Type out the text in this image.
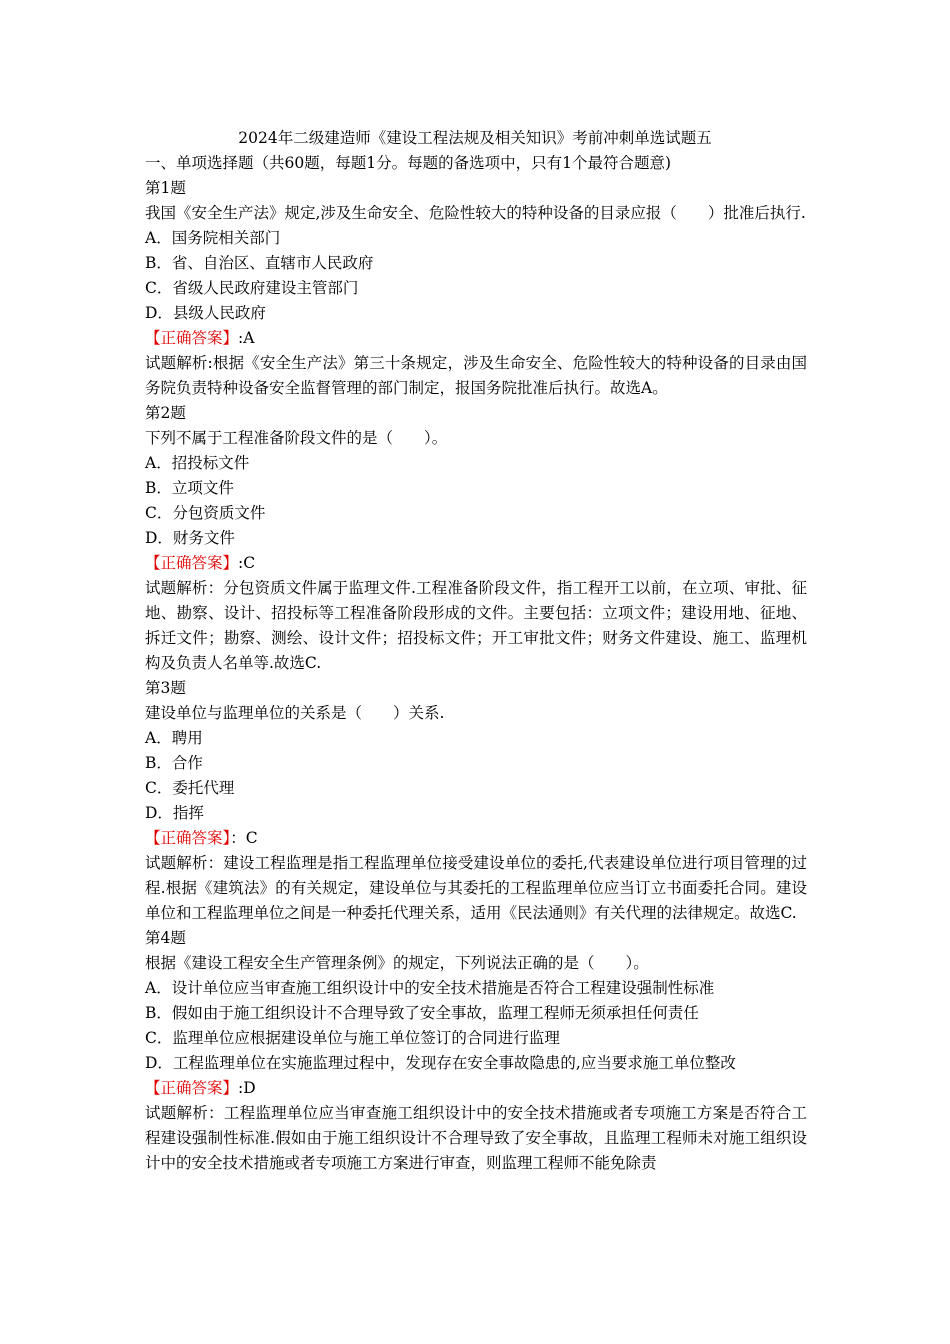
2024年二级建造师《建设工程法规及相关知识》考前冲刺单选试题五
一、单项选择题（共60题，每题1分。每题的备选项中，只有1个最符合题意)
第1题
我国《安全生产法》规定,涉及生命安全、危险性较大的特种设备的目录应报（　　）批准后执行.
A．国务院相关部门
B．省、自治区、直辖市人民政府
C．省级人民政府建设主管部门
D．县级人民政府
【正确答案】:A
试题解析:根据《安全生产法》第三十条规定，涉及生命安全、危险性较大的特种设备的目录由国务院负责特种设备安全监督管理的部门制定，报国务院批准后执行。故选A。
第2题
下列不属于工程准备阶段文件的是（　　）。
A．招投标文件
B．立项文件
C．分包资质文件
D．财务文件
【正确答案】:C
试题解析：分包资质文件属于监理文件.工程准备阶段文件，指工程开工以前，在立项、审批、征地、勘察、设计、招投标等工程准备阶段形成的文件。主要包括：立项文件；建设用地、征地、拆迁文件；勘察、测绘、设计文件；招投标文件；开工审批文件；财务文件建设、施工、监理机构及负责人名单等.故选C.
第3题
建设单位与监理单位的关系是（　　）关系.
A．聘用
B．合作
C．委托代理
D．指挥
【正确答案】：C
试题解析：建设工程监理是指工程监理单位接受建设单位的委托,代表建设单位进行项目管理的过程.根据《建筑法》的有关规定，建设单位与其委托的工程监理单位应当订立书面委托合同。建设单位和工程监理单位之间是一种委托代理关系，适用《民法通则》有关代理的法律规定。故选C.
第4题
根据《建设工程安全生产管理条例》的规定，下列说法正确的是（　　）。
A．设计单位应当审查施工组织设计中的安全技术措施是否符合工程建设强制性标准
B．假如由于施工组织设计不合理导致了安全事故，监理工程师无须承担任何责任
C．监理单位应根据建设单位与施工单位签订的合同进行监理
D．工程监理单位在实施监理过程中，发现存在安全事故隐患的,应当要求施工单位整改
【正确答案】:D
试题解析：工程监理单位应当审查施工组织设计中的安全技术措施或者专项施工方案是否符合工程建设强制性标准.假如由于施工组织设计不合理导致了安全事故，且监理工程师未对施工组织设计中的安全技术措施或者专项施工方案进行审查，则监理工程师不能免除责
